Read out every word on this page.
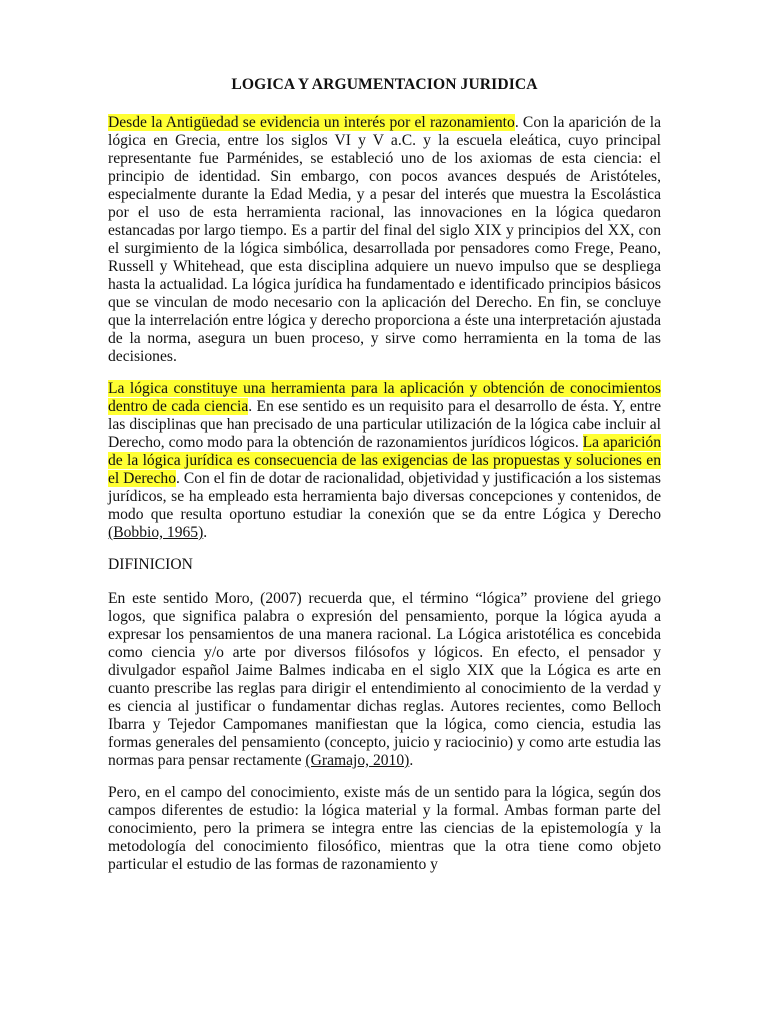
LOGICA Y ARGUMENTACION JURIDICA

Desde la Antigüedad se evidencia un interés por el razonamiento. Con la aparición de la lógica en Grecia, entre los siglos VI y V a.C. y la escuela eleática, cuyo principal representante fue Parménides, se estableció uno de los axiomas de esta ciencia: el principio de identidad. Sin embargo, con pocos avances después de Aristóteles, especialmente durante la Edad Media, y a pesar del interés que muestra la Escolástica por el uso de esta herramienta racional, las innovaciones en la lógica quedaron estancadas por largo tiempo. Es a partir del final del siglo XIX y principios del XX, con el surgimiento de la lógica simbólica, desarrollada por pensadores como Frege, Peano, Russell y Whitehead, que esta disciplina adquiere un nuevo impulso que se despliega hasta la actualidad. La lógica jurídica ha fundamentado e identificado principios básicos que se vinculan de modo necesario con la aplicación del Derecho. En fin, se concluye que la interrelación entre lógica y derecho proporciona a éste una interpretación ajustada de la norma, asegura un buen proceso, y sirve como herramienta en la toma de las decisiones.

La lógica constituye una herramienta para la aplicación y obtención de conocimientos dentro de cada ciencia. En ese sentido es un requisito para el desarrollo de ésta. Y, entre las disciplinas que han precisado de una particular utilización de la lógica cabe incluir al Derecho, como modo para la obtención de razonamientos jurídicos lógicos. La aparición de la lógica jurídica es consecuencia de las exigencias de las propuestas y soluciones en el Derecho. Con el fin de dotar de racionalidad, objetividad y justificación a los sistemas jurídicos, se ha empleado esta herramienta bajo diversas concepciones y contenidos, de modo que resulta oportuno estudiar la conexión que se da entre Lógica y Derecho (Bobbio, 1965).

DIFINICION

En este sentido Moro, (2007) recuerda que, el término “lógica” proviene del griego logos, que significa palabra o expresión del pensamiento, porque la lógica ayuda a expresar los pensamientos de una manera racional. La Lógica aristotélica es concebida como ciencia y/o arte por diversos filósofos y lógicos. En efecto, el pensador y divulgador español Jaime Balmes indicaba en el siglo XIX que la Lógica es arte en cuanto prescribe las reglas para dirigir el entendimiento al conocimiento de la verdad y es ciencia al justificar o fundamentar dichas reglas. Autores recientes, como Belloch Ibarra y Tejedor Campomanes manifiestan que la lógica, como ciencia, estudia las formas generales del pensamiento (concepto, juicio y raciocinio) y como arte estudia las normas para pensar rectamente (Gramajo, 2010).

Pero, en el campo del conocimiento, existe más de un sentido para la lógica, según dos campos diferentes de estudio: la lógica material y la formal. Ambas forman parte del conocimiento, pero la primera se integra entre las ciencias de la epistemología y la metodología del conocimiento filosófico, mientras que la otra tiene como objeto particular el estudio de las formas de razonamiento y
